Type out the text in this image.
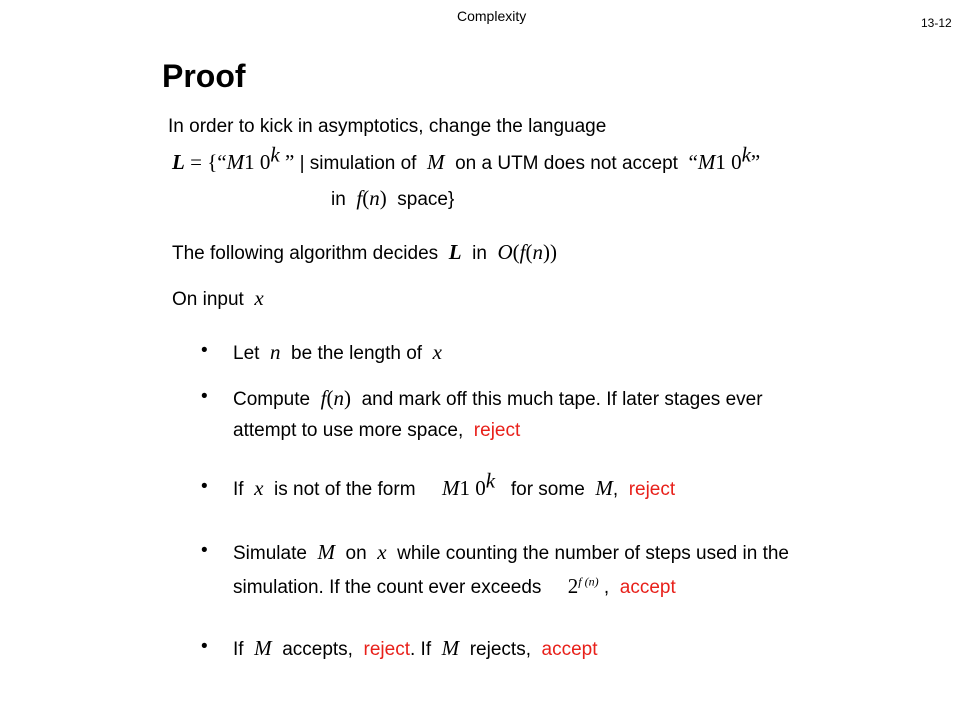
Complexity	13-12
Proof
In order to kick in asymptotics, change the language
L = {“M1 0$^k$ ” | simulation of M on a UTM does not accept “M1 0$^k$”
in f(n) space}
The following algorithm decides L in O(f(n))
On input x
• Let n be the length of x
• Compute f(n) and mark off this much tape. If later stages ever
attempt to use more space, reject
• If x is not of the form M1 0$^k$ for some M, reject
• Simulate M on x while counting the number of steps used in the
simulation. If the count ever exceeds $2^{f (n)}$ , accept
• If M accepts, reject. If M rejects, accept
